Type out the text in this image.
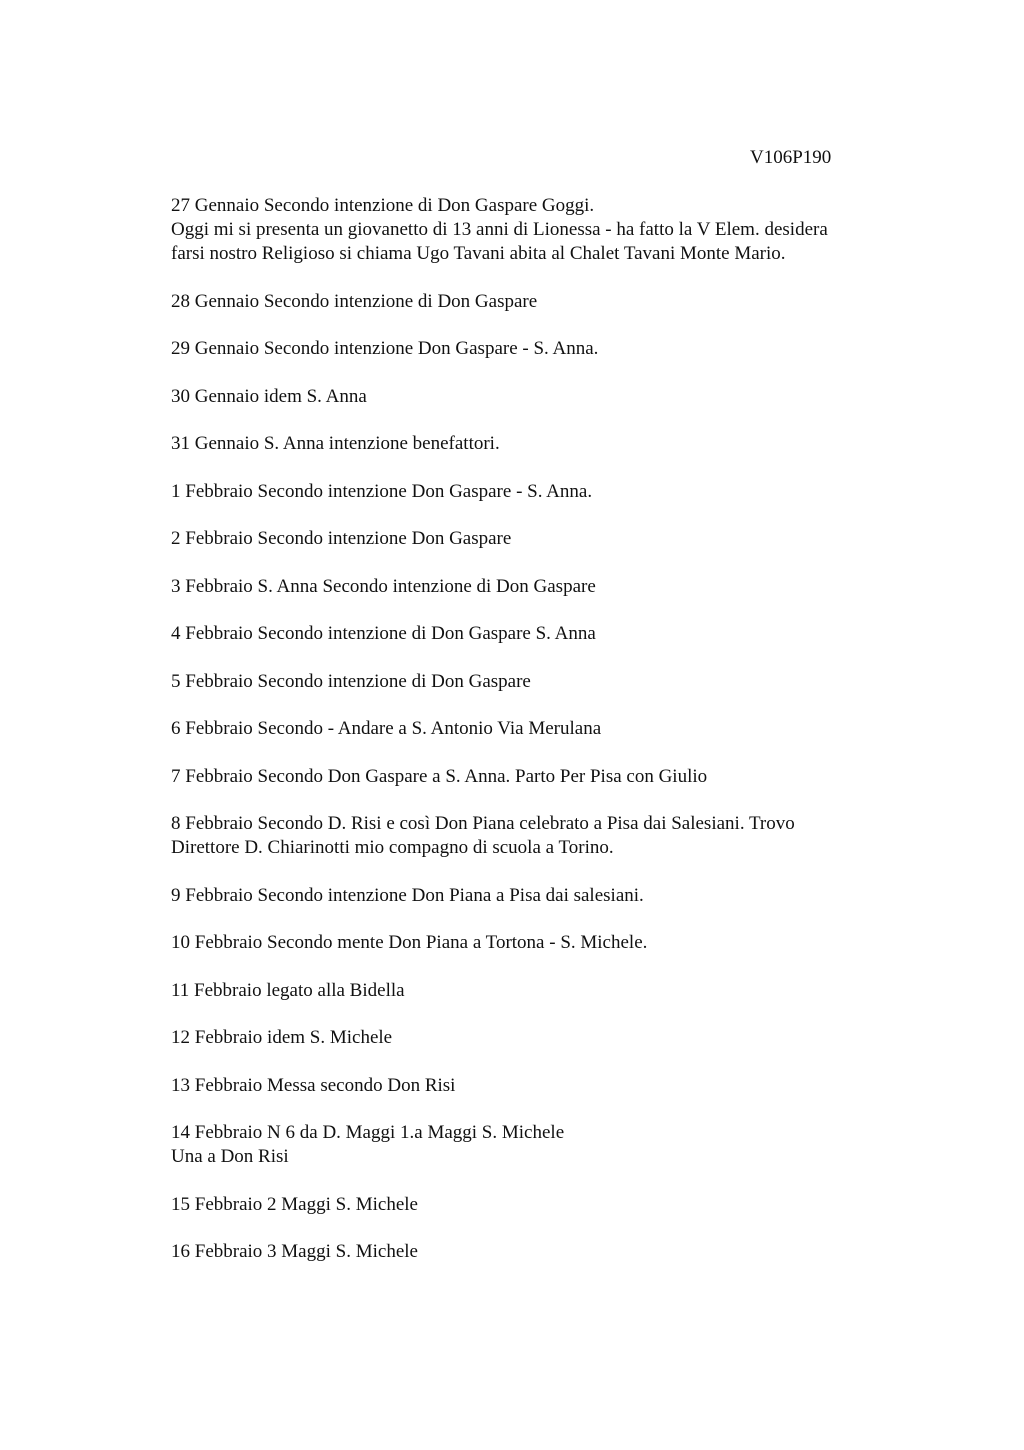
V106P190
27 Gennaio Secondo intenzione di Don Gaspare Goggi.
Oggi mi si presenta un giovanetto di 13 anni di Lionessa - ha fatto la V Elem. desidera
farsi nostro Religioso si chiama Ugo Tavani abita al Chalet Tavani Monte Mario.
28 Gennaio Secondo intenzione di Don Gaspare
29 Gennaio Secondo intenzione Don Gaspare - S. Anna.
30 Gennaio idem S. Anna
31 Gennaio S. Anna intenzione benefattori.
1 Febbraio Secondo intenzione Don Gaspare - S. Anna.
2 Febbraio Secondo intenzione Don Gaspare
3 Febbraio S. Anna Secondo intenzione di Don Gaspare
4 Febbraio Secondo intenzione di Don Gaspare S. Anna
5 Febbraio Secondo intenzione di Don Gaspare
6 Febbraio Secondo - Andare a S. Antonio Via Merulana
7 Febbraio Secondo Don Gaspare a S. Anna. Parto Per Pisa con Giulio
8 Febbraio Secondo D. Risi e così Don Piana celebrato a Pisa dai Salesiani. Trovo
Direttore D. Chiarinotti mio compagno di scuola a Torino.
9 Febbraio Secondo intenzione Don Piana a Pisa dai salesiani.
10 Febbraio Secondo mente Don Piana a Tortona - S. Michele.
11 Febbraio legato alla Bidella
12 Febbraio idem S. Michele
13 Febbraio Messa secondo Don Risi
14 Febbraio N 6 da D. Maggi 1.a Maggi S. Michele
Una a Don Risi
15 Febbraio 2 Maggi S. Michele
16 Febbraio 3 Maggi S. Michele
